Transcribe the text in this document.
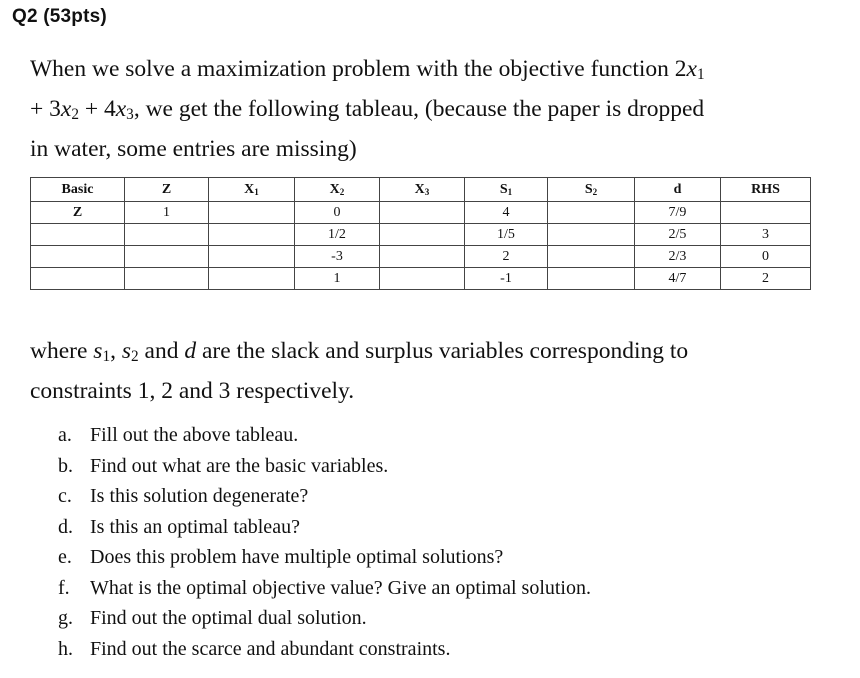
Q2 (53pts)
When we solve a maximization problem with the objective function $2x_1$
+ $3x_2 + 4x_3$, we get the following tableau, (because the paper is dropped
in water, some entries are missing)
Basic	Z	$X_1$	$X_2$	$X_3$	$S_1$	$S_2$	d	RHS
Z	1		0		4		7/9	
			1/2		1/5		2/5	3
			-3		2		2/3	0
			1		-1		4/7	2
where $s_1$, $s_2$ and d are the slack and surplus variables corresponding to
constraints 1, 2 and 3 respectively.
a. Fill out the above tableau.
b. Find out what are the basic variables.
c. Is this solution degenerate?
d. Is this an optimal tableau?
e. Does this problem have multiple optimal solutions?
f. What is the optimal objective value? Give an optimal solution.
g. Find out the optimal dual solution.
h. Find out the scarce and abundant constraints.
